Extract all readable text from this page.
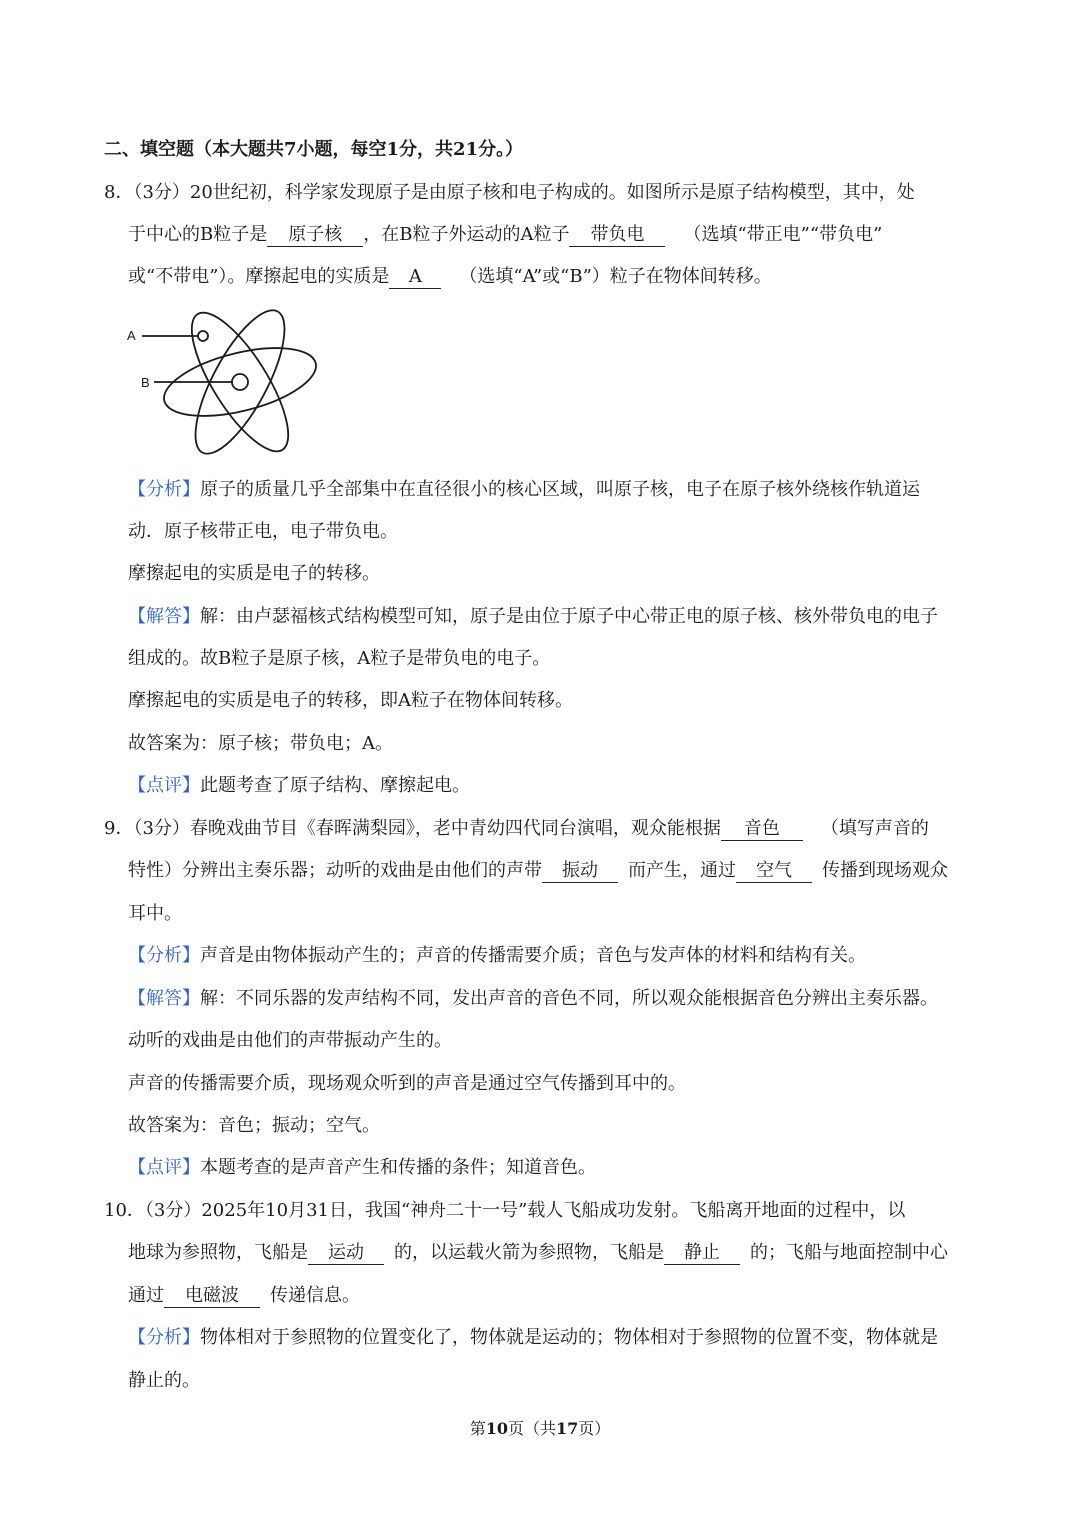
二、填空题（本大题共7小题，每空1分，共21分。）
8．（3分）20世纪初，科学家发现原子是由原子核和电子构成的。如图所示是原子结构模型，其中，处
于中心的B粒子是 原子核 ，在B粒子外运动的A粒子 带负电 （选填“带正电”“带负电”
或“不带电”）。摩擦起电的实质是 A （选填“A”或“B”）粒子在物体间转移。
A
B
【分析】原子的质量几乎全部集中在直径很小的核心区域，叫原子核，电子在原子核外绕核作轨道运
动．原子核带正电，电子带负电。
摩擦起电的实质是电子的转移。
【解答】解：由卢瑟福核式结构模型可知，原子是由位于原子中心带正电的原子核、核外带负电的电子
组成的。故B粒子是原子核，A粒子是带负电的电子。
摩擦起电的实质是电子的转移，即A粒子在物体间转移。
故答案为：原子核；带负电；A。
【点评】此题考查了原子结构、摩擦起电。
9．（3分）春晚戏曲节目《春晖满梨园》，老中青幼四代同台演唱，观众能根据 音色 （填写声音的
特性）分辨出主奏乐器；动听的戏曲是由他们的声带 振动 而产生，通过 空气 传播到现场观众
耳中。
【分析】声音是由物体振动产生的；声音的传播需要介质；音色与发声体的材料和结构有关。
【解答】解：不同乐器的发声结构不同，发出声音的音色不同，所以观众能根据音色分辨出主奏乐器。
动听的戏曲是由他们的声带振动产生的。
声音的传播需要介质，现场观众听到的声音是通过空气传播到耳中的。
故答案为：音色；振动；空气。
【点评】本题考查的是声音产生和传播的条件；知道音色。
10．（3分）2025年10月31日，我国“神舟二十一号”载人飞船成功发射。飞船离开地面的过程中，以
地球为参照物，飞船是 运动 的，以运载火箭为参照物，飞船是 静止 的；飞船与地面控制中心
通过 电磁波 传递信息。
【分析】物体相对于参照物的位置变化了，物体就是运动的；物体相对于参照物的位置不变，物体就是
静止的。
第10页（共17页）
